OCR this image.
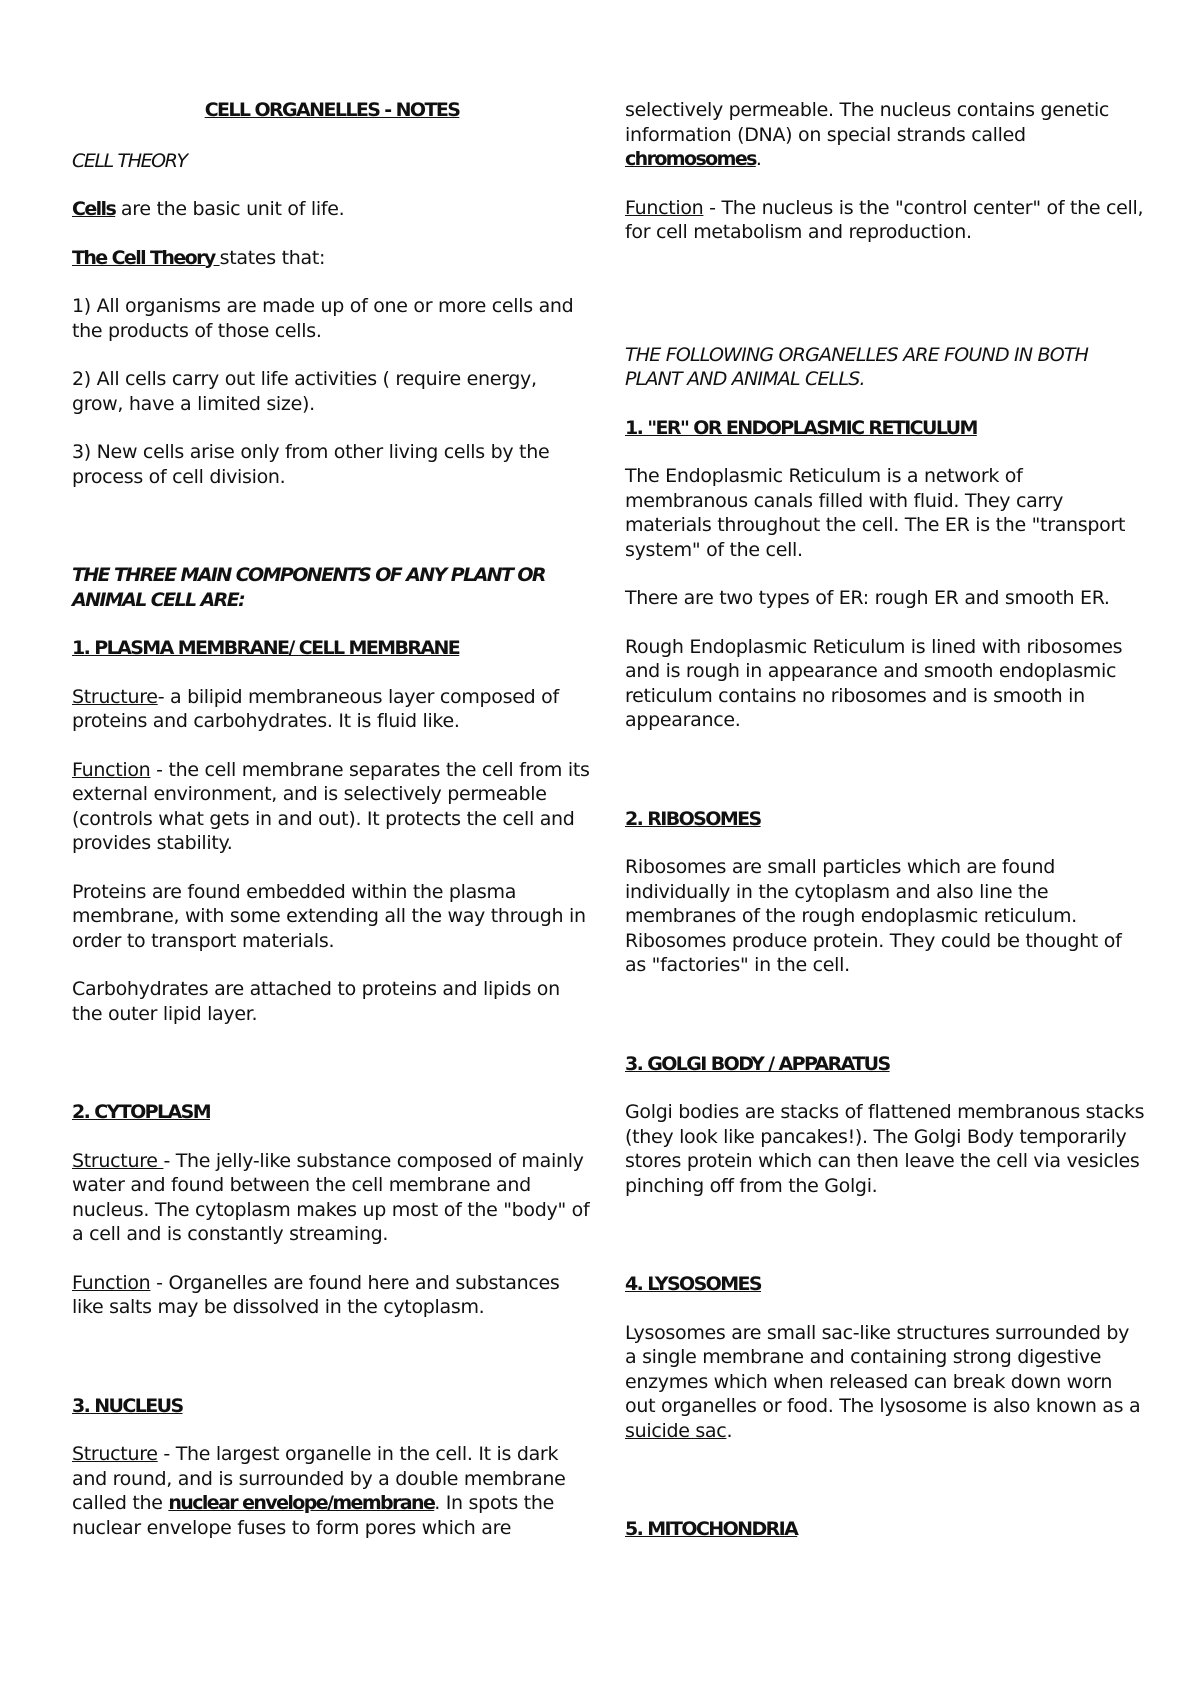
CELL ORGANELLES - NOTES

CELL THEORY

Cells are the basic unit of life.

The Cell Theory states that:

1) All organisms are made up of one or more cells and the products of those cells.

2) All cells carry out life activities ( require energy, grow, have a limited size).

3) New cells arise only from other living cells by the process of cell division.

THE THREE MAIN COMPONENTS OF ANY PLANT OR ANIMAL CELL ARE:

1. PLASMA MEMBRANE/ CELL MEMBRANE

Structure- a bilipid membraneous layer composed of proteins and carbohydrates. It is fluid like.

Function - the cell membrane separates the cell from its external environment, and is selectively permeable (controls what gets in and out). It protects the cell and provides stability.

Proteins are found embedded within the plasma membrane, with some extending all the way through in order to transport materials.

Carbohydrates are attached to proteins and lipids on the outer lipid layer.

2. CYTOPLASM

Structure - The jelly-like substance composed of mainly water and found between the cell membrane and nucleus. The cytoplasm makes up most of the "body" of a cell and is constantly streaming.

Function - Organelles are found here and substances like salts may be dissolved in the cytoplasm.

3. NUCLEUS

Structure - The largest organelle in the cell. It is dark and round, and is surrounded by a double membrane called the nuclear envelope/membrane. In spots the nuclear envelope fuses to form pores which are

selectively permeable. The nucleus contains genetic information (DNA) on special strands called chromosomes.

Function - The nucleus is the "control center" of the cell, for cell metabolism and reproduction.

THE FOLLOWING ORGANELLES ARE FOUND IN BOTH PLANT AND ANIMAL CELLS.

1. "ER" OR ENDOPLASMIC RETICULUM

The Endoplasmic Reticulum is a network of membranous canals filled with fluid. They carry materials throughout the cell. The ER is the "transport system" of the cell.

There are two types of ER: rough ER and smooth ER.

Rough Endoplasmic Reticulum is lined with ribosomes and is rough in appearance and smooth endoplasmic reticulum contains no ribosomes and is smooth in appearance.

2. RIBOSOMES

Ribosomes are small particles which are found individually in the cytoplasm and also line the membranes of the rough endoplasmic reticulum. Ribosomes produce protein. They could be thought of as "factories" in the cell.

3. GOLGI BODY / APPARATUS

Golgi bodies are stacks of flattened membranous stacks (they look like pancakes!). The Golgi Body temporarily stores protein which can then leave the cell via vesicles pinching off from the Golgi.

4. LYSOSOMES

Lysosomes are small sac-like structures surrounded by a single membrane and containing strong digestive enzymes which when released can break down worn out organelles or food. The lysosome is also known as a suicide sac.

5. MITOCHONDRIA
